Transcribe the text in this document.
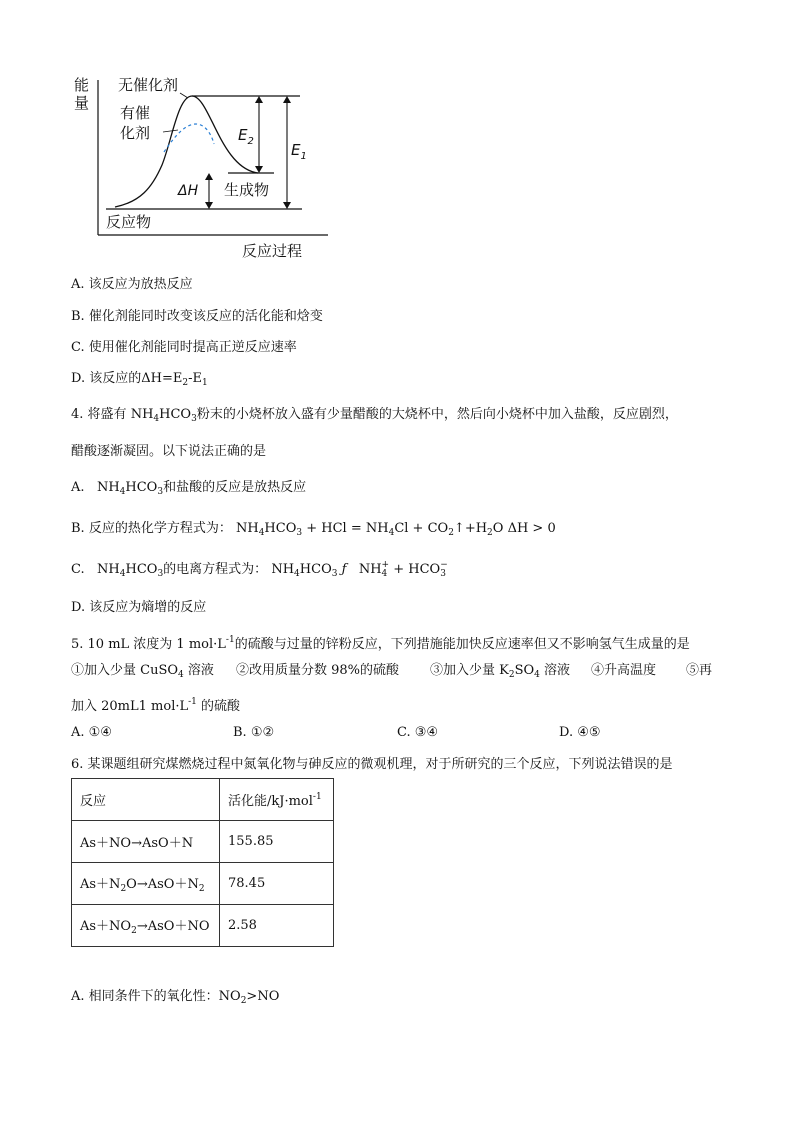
能
量
反应过程
无催化剂
有催
化剂
反应物
生成物
ΔH
$E_2$ $E_1$
A. 该反应为放热反应
B. 催化剂能同时改变该反应的活化能和焓变
C. 使用催化剂能同时提高正逆反应速率
D. 该反应的$\Delta H=E_2-E_1$
4. 将盛有 $NH_4HCO_3$粉末的小烧杯放入盛有少量醋酸的大烧杯中，然后向小烧杯中加入盐酸，反应剧烈，
醋酸逐渐凝固。以下说法正确的是
A. $NH_4HCO_3$和盐酸的反应是放热反应
B. 反应的热化学方程式为： $NH_4HCO_3$ + HCl = $NH_4Cl$ + $CO_2↑+H_2O$ ΔH > 0
C. $NH_4HCO_3$的电离方程式为： $NH_4HCO_3$ ƒ NH +
4 + HCO −
3
D. 该反应为熵增的反应
5. 10 mL 浓度为 1 $mol\cdot L^{-1}$的硫酸与过量的锌粉反应，下列措施能加快反应速率但又不影响氢气生成量的是
①加入少量 CuSO$_4$ 溶液 ②改用质量分数 98%的硫酸 ③加入少量 $K_2SO_4$ 溶液 ④升高温度 ⑤再
加入 20mL1 $mol\cdot L^{-1}$ 的硫酸
A. ①④	B. ①②	C. ③④	D. ④⑤
6. 某课题组研究煤燃烧过程中氮氧化物与砷反应的微观机理，对于所研究的三个反应，下列说法错误的是
反应	活化能/kJ·mol$^{-1}$
As＋NO→AsO＋N	155.85
$As+N_2O\to AsO+N_2$	78.45
$As+NO_2\to AsO+NO$	2.58
A. 相同条件下的氧化性：$NO_2>NO$
